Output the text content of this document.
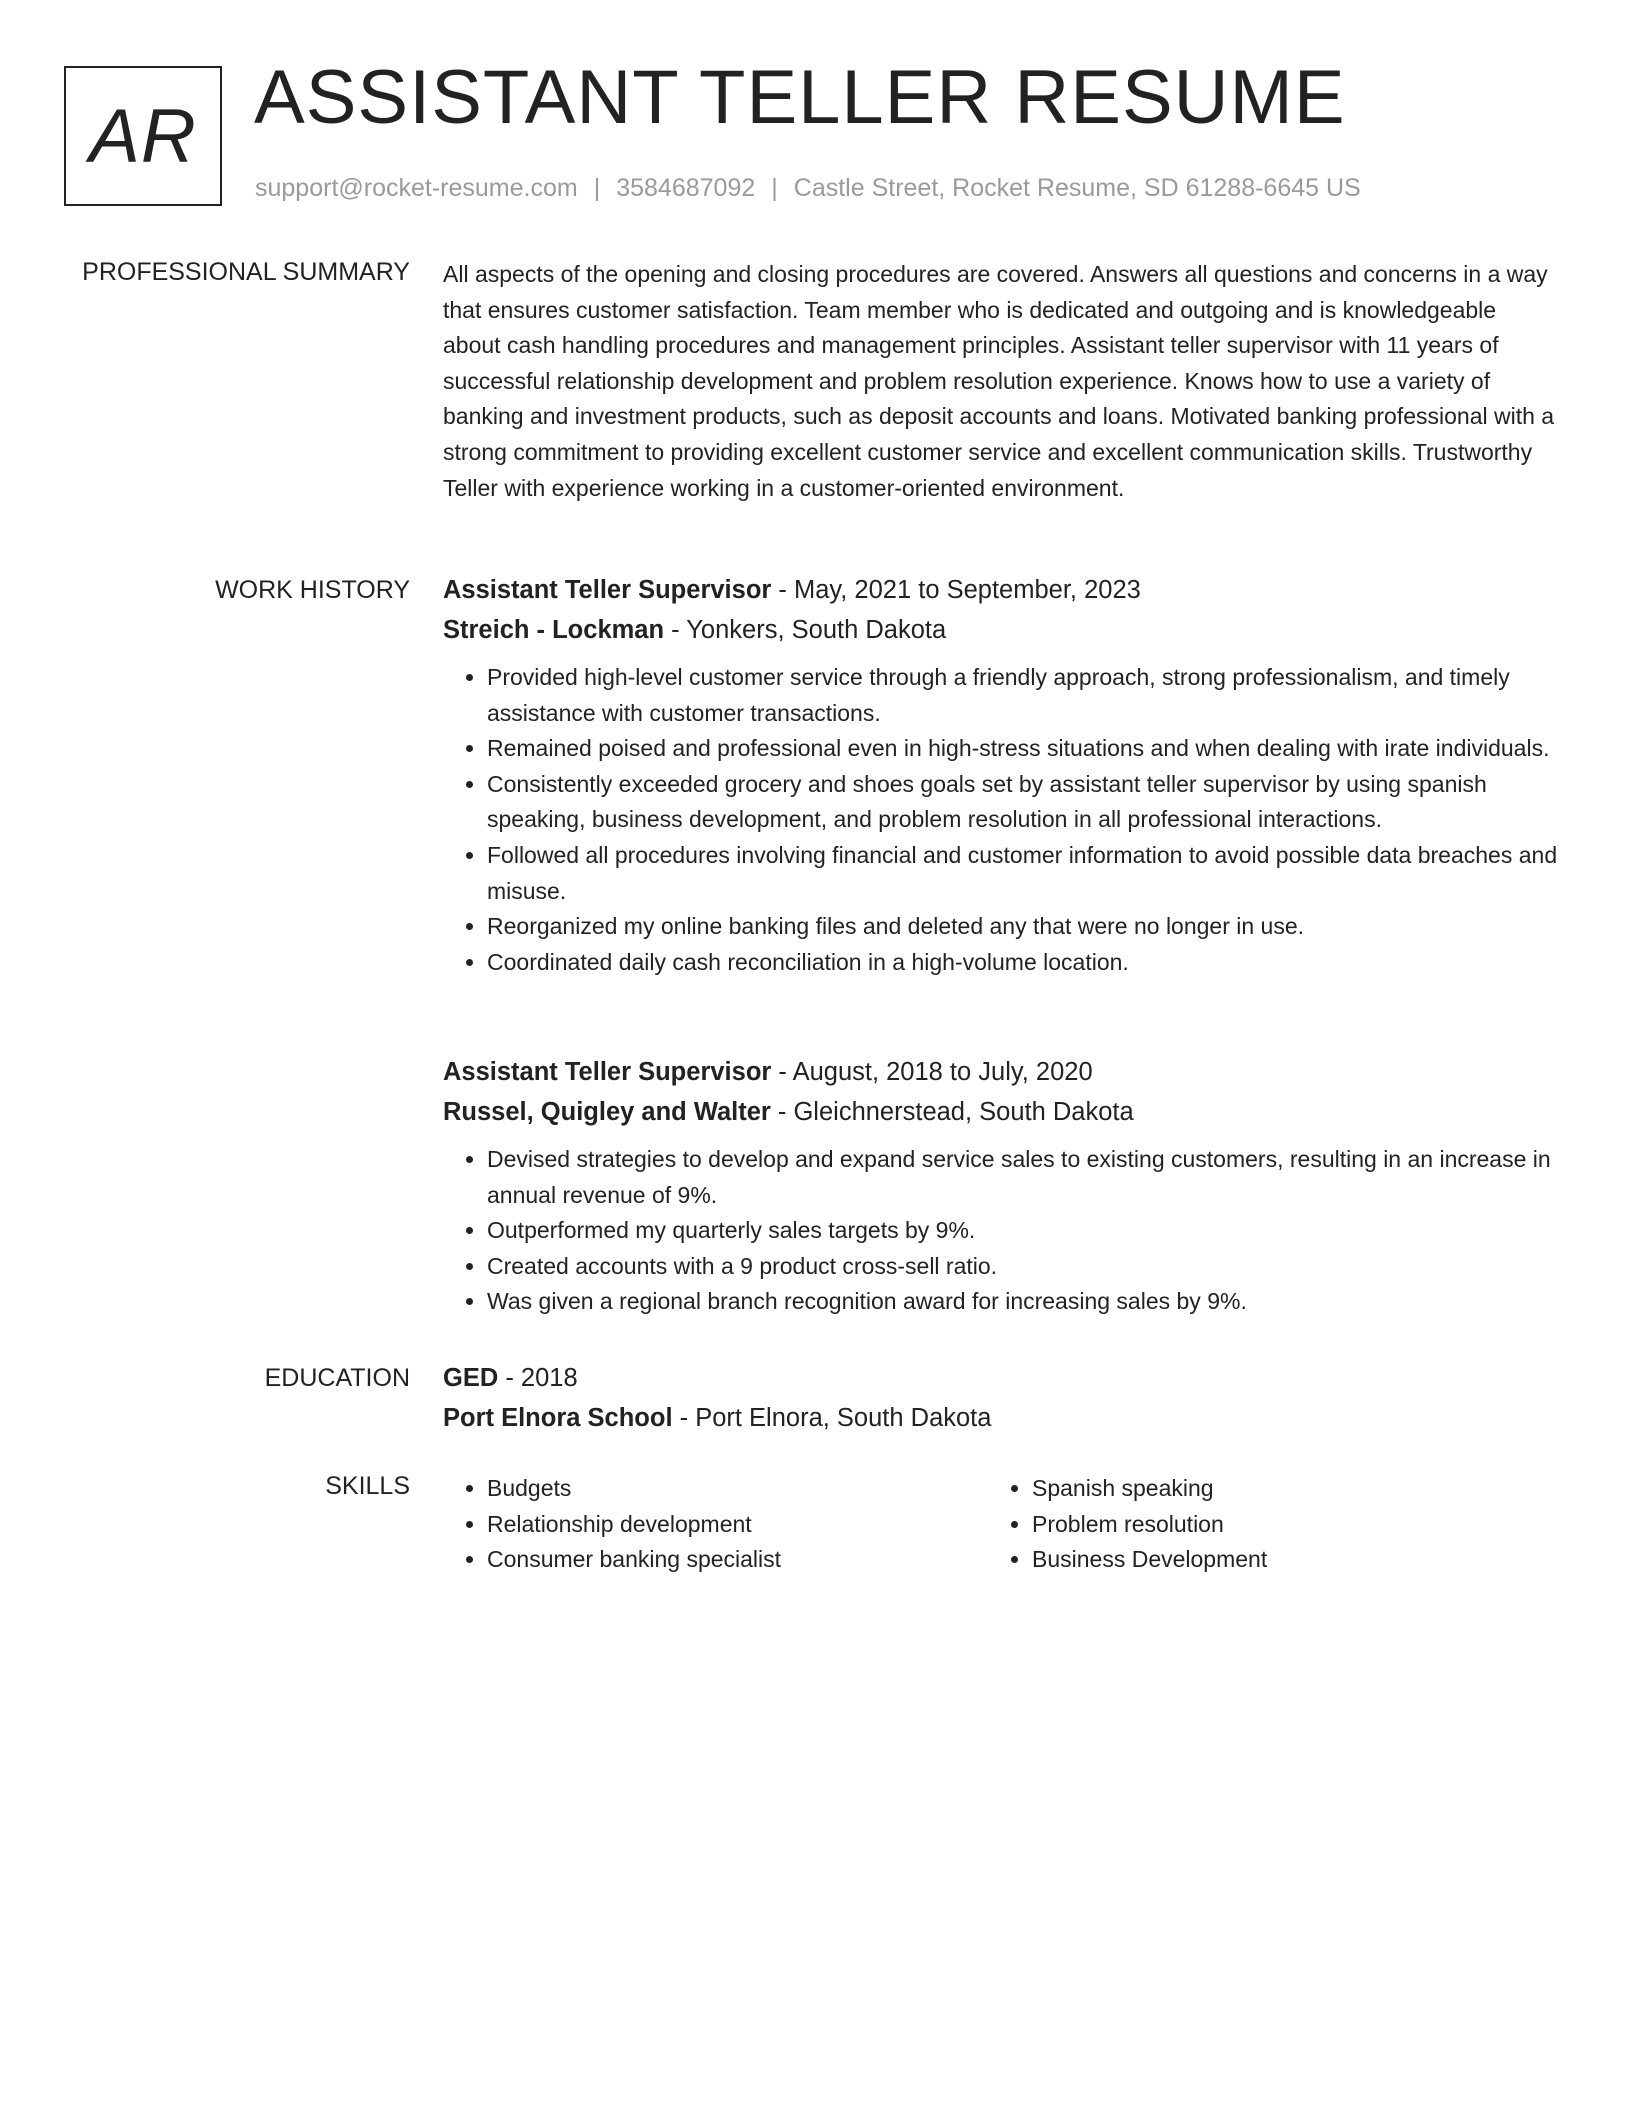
AR ASSISTANT TELLER RESUME
support@rocket-resume.com | 3584687092 | Castle Street, Rocket Resume, SD 61288-6645 US
PROFESSIONAL SUMMARY All aspects of the opening and closing procedures are covered. Answers all questions and concerns in a way that ensures customer satisfaction. Team member who is dedicated and outgoing and is knowledgeable about cash handling procedures and management principles. Assistant teller supervisor with 11 years of successful relationship development and problem resolution experience. Knows how to use a variety of banking and investment products, such as deposit accounts and loans. Motivated banking professional with a strong commitment to providing excellent customer service and excellent communication skills. Trustworthy Teller with experience working in a customer-oriented environment.

WORK HISTORY Assistant Teller Supervisor - May, 2021 to September, 2023
Streich - Lockman - Yonkers, South Dakota
• Provided high-level customer service through a friendly approach, strong professionalism, and timely assistance with customer transactions.
• Remained poised and professional even in high-stress situations and when dealing with irate individuals.
• Consistently exceeded grocery and shoes goals set by assistant teller supervisor by using spanish speaking, business development, and problem resolution in all professional interactions.
• Followed all procedures involving financial and customer information to avoid possible data breaches and misuse.
• Reorganized my online banking files and deleted any that were no longer in use.
• Coordinated daily cash reconciliation in a high-volume location.
Assistant Teller Supervisor - August, 2018 to July, 2020
Russel, Quigley and Walter - Gleichnerstead, South Dakota
• Devised strategies to develop and expand service sales to existing customers, resulting in an increase in annual revenue of 9%.
• Outperformed my quarterly sales targets by 9%.
• Created accounts with a 9 product cross-sell ratio.
• Was given a regional branch recognition award for increasing sales by 9%.
EDUCATION GED - 2018
Port Elnora School - Port Elnora, South Dakota
SKILLS
•	Budgets
• Relationship development
• Consumer banking specialist
• Spanish speaking
• Problem resolution
• Business Development
